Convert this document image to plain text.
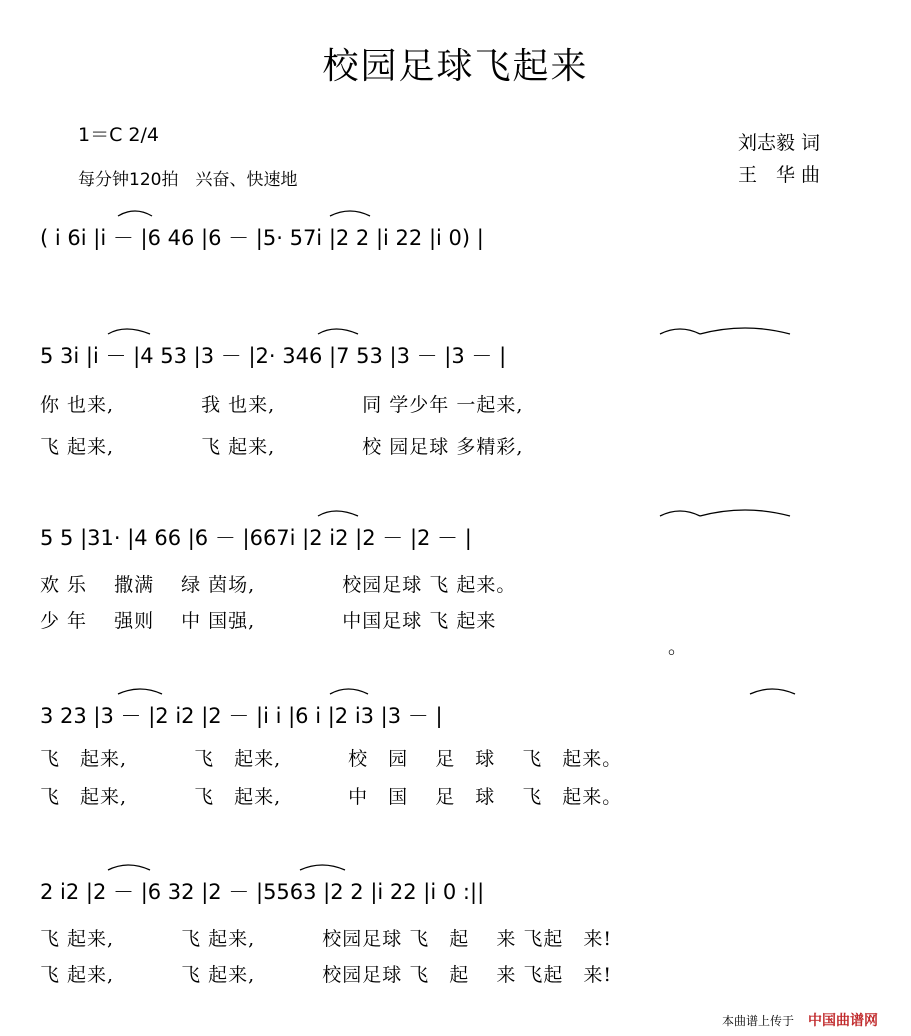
校园足球飞起来
1＝C 2/4
每分钟120拍　兴奋、快速地
刘志毅 词
王　华 曲
( i 6i |i － |6 46 |6 － |5· 57i |2 2 |i 22 |i 0) |
5 3i |i － |4 53 |3 － |2· 346 |7 53 |3 － |3 － |
你 也来,　　　　 我 也来,　　　　 同 学少年 一起来,
飞 起来,　　　　 飞 起来,　　　　 校 园足球 多精彩,
5 5 |31· |4 66 |6 － |667i |2 i2 |2 － |2 － |
欢 乐　 撒满　 绿 茵场,　　　　 校园足球 飞 起来。
少 年　 强则　 中 国强,　　　　 中国足球 飞 起来
。
3 23 |3 － |2 i2 |2 － |i i |6 i |2 i3 |3 － |
飞　起来,　　　 飞　起来,　　　 校　园　 足　球　 飞　起来。
飞　起来,　　　 飞　起来,　　　 中　国　 足　球　 飞　起来。
2 i2 |2 － |6 32 |2 － |5563 |2 2 |i 22 |i 0 :||
飞 起来,　　　 飞 起来,　　　 校园足球 飞　起　 来 飞起　来!
飞 起来,　　　 飞 起来,　　　 校园足球 飞　起　 来 飞起　来!
本曲谱上传于 中国曲谱网
